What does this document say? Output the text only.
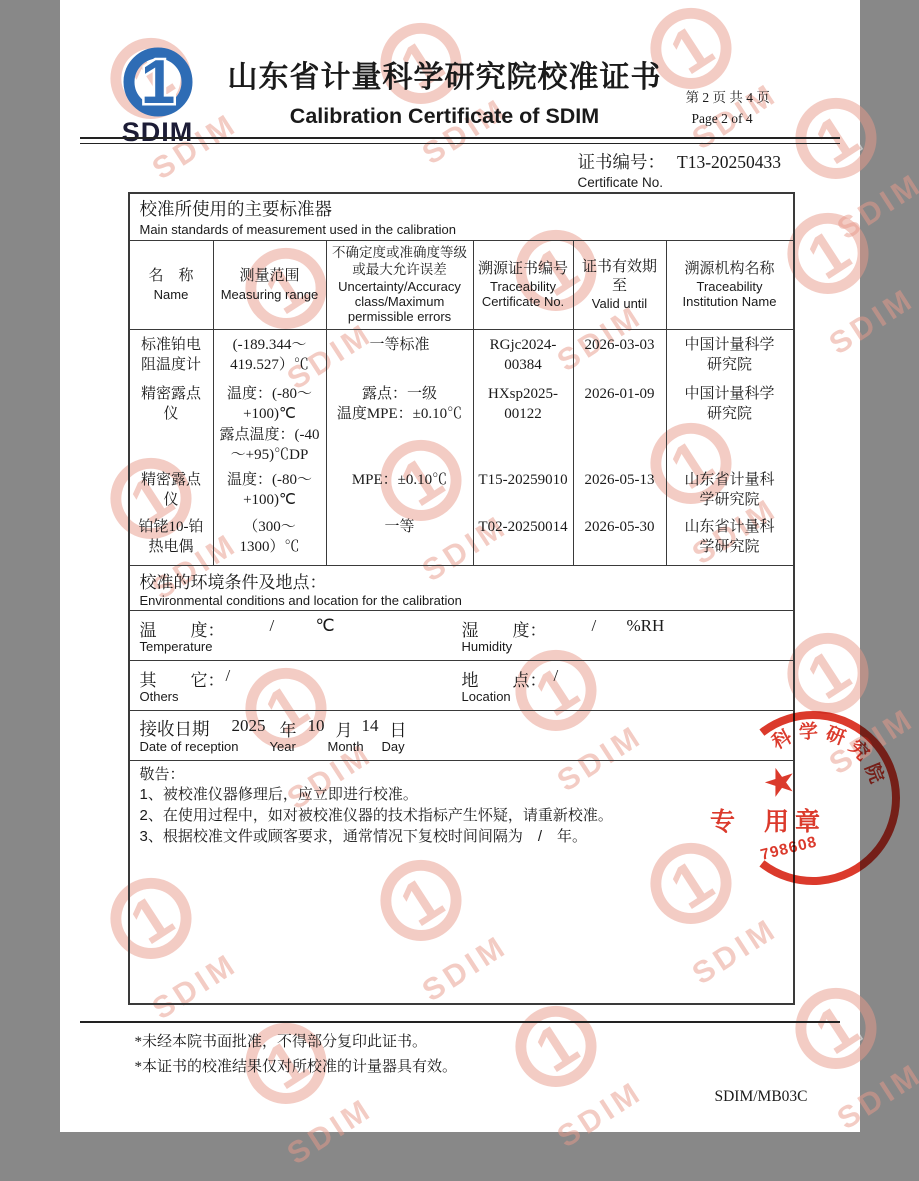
1
SDIM
山东省计量科学研究院校准证书
Calibration Certificate of SDIM
第 2 页 共 4 页
Page 2 of 4
证书编号： T13-20250433
Certificate No.
校准所使用的主要标准器
Main standards of measurement used in the calibration
名　称
Name
测量范围
Measuring range
不确定度或准确度等级或最大允许误差
Uncertainty/Accuracy class/Maximum permissible errors
溯源证书编号
Traceability Certificate No.
证书有效期至
Valid until
溯源机构名称
Traceability Institution Name
标准铂电
阻温度计
精密露点
仪
精密露点
仪
铂铑10-铂
热电偶
(-189.344～
419.527）℃
温度：(-80～
+100)℃
露点温度：(-40
～+95)℃DP
温度：(-80～
+100)℃
（300～
1300）℃
一等标准
露点：一级
温度MPE：±0.10℃
MPE：±0.10℃
一等
RGjc2024-
00384
HXsp2025-
00122
T15-20259010
T02-20250014
2026-03-03
2026-01-09
2026-05-13
2026-05-30
中国计量科学
研究院
中国计量科学
研究院
山东省计量科
学研究院
山东省计量科
学研究院
校准的环境条件及地点：
Environmental conditions and location for the calibration
温　　度：	/ ℃
Temperature
湿　　度：	/ %RH
Humidity
其　　它： /
Others
地　　点： /
Location
接收日期 2025 年 10 月 14 日
Date of reception Year Month Day
敬告：
1、被校准仪器修理后，应立即进行校准。
2、在使用过程中，如对被校准仪器的技术指标产生怀疑，请重新校准。
3、根据校准文件或顾客要求，通常情况下复校时间间隔为　/　年。
*未经本院书面批准，不得部分复印此证书。
*本证书的校准结果仅对所校准的计量器具有效。
SDIM/MB03C
科 学 研
究
院
★
专 用章
798608
